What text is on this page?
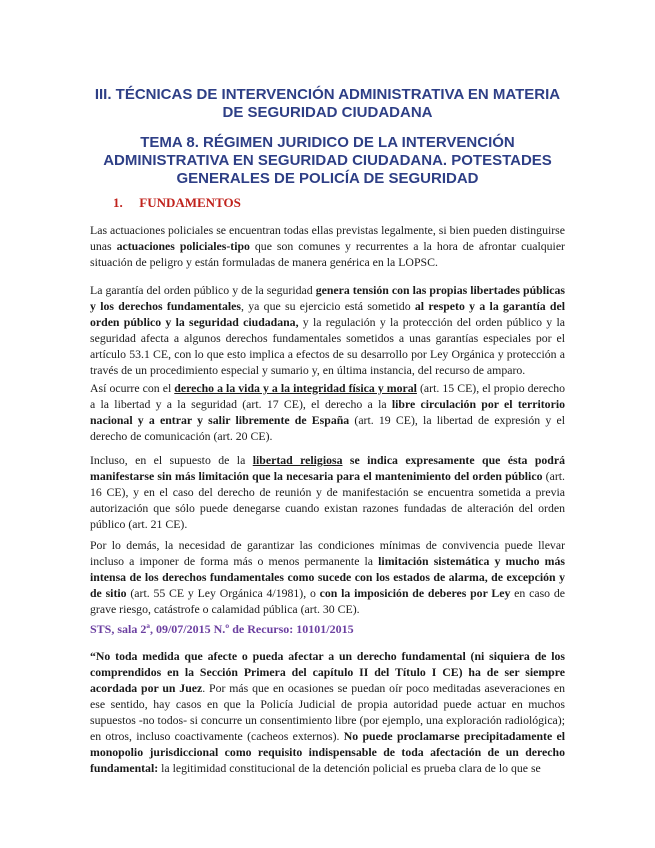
III. TÉCNICAS DE INTERVENCIÓN ADMINISTRATIVA EN MATERIA
DE SEGURIDAD CIUDADANA
TEMA 8. RÉGIMEN JURIDICO DE LA INTERVENCIÓN
ADMINISTRATIVA EN SEGURIDAD CIUDADANA. POTESTADES
GENERALES DE POLICÍA DE SEGURIDAD
1. FUNDAMENTOS

Las actuaciones policiales se encuentran todas ellas previstas legalmente, si bien pueden distinguirse unas actuaciones policiales-tipo que son comunes y recurrentes a la hora de afrontar cualquier situación de peligro y están formuladas de manera genérica en la LOPSC.

La garantía del orden público y de la seguridad genera tensión con las propias libertades públicas y los derechos fundamentales, ya que su ejercicio está sometido al respeto y a la garantía del orden público y la seguridad ciudadana, y la regulación y la protección del orden público y la seguridad afecta a algunos derechos fundamentales sometidos a unas garantías especiales por el artículo 53.1 CE, con lo que esto implica a efectos de su desarrollo por Ley Orgánica y protección a través de un procedimiento especial y sumario y, en última instancia, del recurso de amparo.

Así ocurre con el derecho a la vida y a la integridad física y moral (art. 15 CE), el propio derecho a la libertad y a la seguridad (art. 17 CE), el derecho a la libre circulación por el territorio nacional y a entrar y salir libremente de España (art. 19 CE), la libertad de expresión y el derecho de comunicación (art. 20 CE).

Incluso, en el supuesto de la libertad religiosa se indica expresamente que ésta podrá manifestarse sin más limitación que la necesaria para el mantenimiento del orden público (art. 16 CE), y en el caso del derecho de reunión y de manifestación se encuentra sometida a previa autorización que sólo puede denegarse cuando existan razones fundadas de alteración del orden público (art. 21 CE).

Por lo demás, la necesidad de garantizar las condiciones mínimas de convivencia puede llevar incluso a imponer de forma más o menos permanente la limitación sistemática y mucho más intensa de los derechos fundamentales como sucede con los estados de alarma, de excepción y de sitio (art. 55 CE y Ley Orgánica 4/1981), o con la imposición de deberes por Ley en caso de grave riesgo, catástrofe o calamidad pública (art. 30 CE).

STS, sala 2ª, 09/07/2015 N.º de Recurso: 10101/2015

“No toda medida que afecte o pueda afectar a un derecho fundamental (ni siquiera de los comprendidos en la Sección Primera del capítulo II del Título I CE) ha de ser siempre acordada por un Juez. Por más que en ocasiones se puedan oír poco meditadas aseveraciones en ese sentido, hay casos en que la Policía Judicial de propia autoridad puede actuar en muchos supuestos -no todos- si concurre un consentimiento libre (por ejemplo, una exploración radiológica); en otros, incluso coactivamente (cacheos externos). No puede proclamarse precipitadamente el monopolio jurisdiccional como requisito indispensable de toda afectación de un derecho fundamental: la legitimidad constitucional de la detención policial es prueba clara de lo que se
